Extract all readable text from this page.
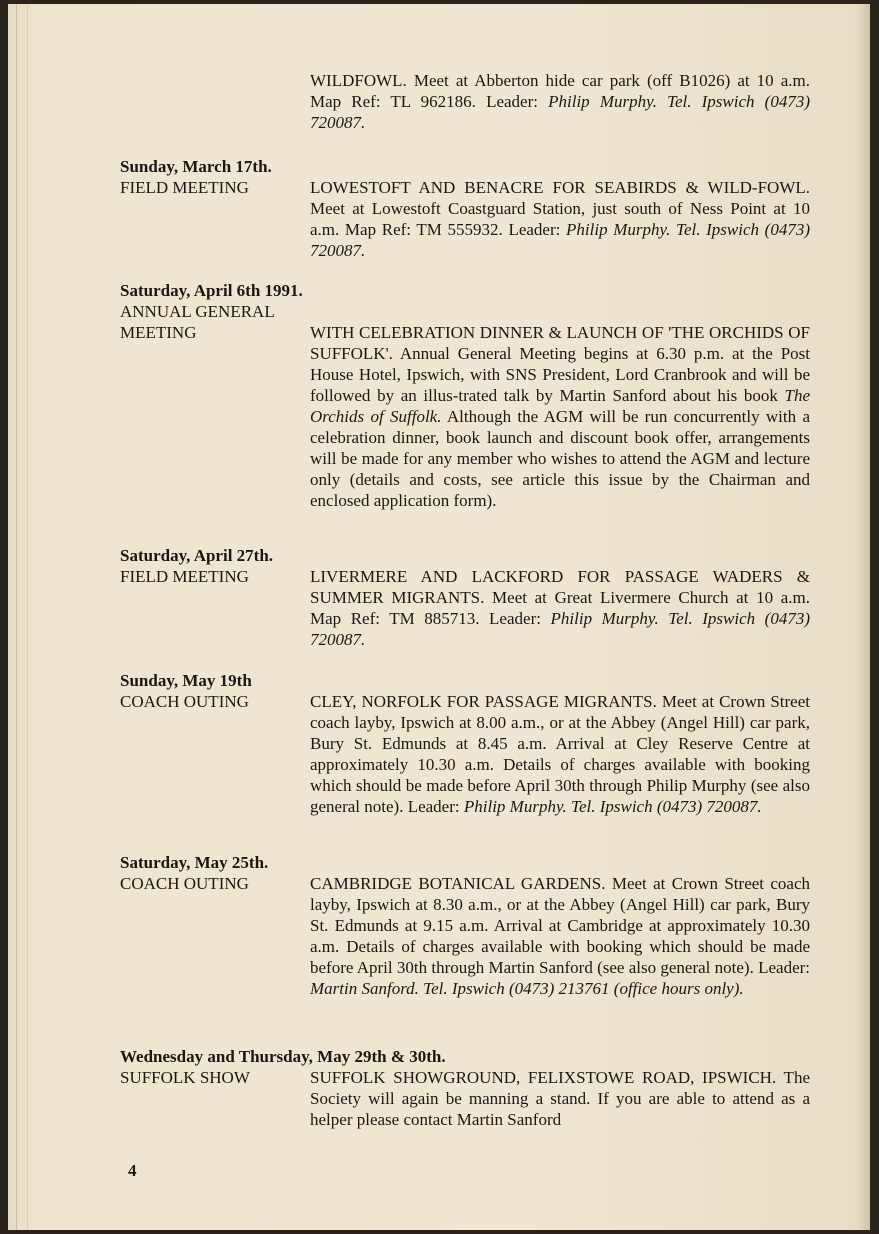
WILDFOWL. Meet at Abberton hide car park (off B1026) at 10 a.m. Map Ref: TL 962186. Leader: Philip Murphy. Tel. Ipswich (0473) 720087.
Sunday, March 17th.
FIELD MEETING	LOWESTOFT AND BENACRE FOR SEABIRDS & WILD-FOWL. Meet at Lowestoft Coastguard Station, just south of Ness Point at 10 a.m. Map Ref: TM 555932. Leader: Philip Murphy. Tel. Ipswich (0473) 720087.
Saturday, April 6th 1991.
ANNUAL GENERAL MEETING	WITH CELEBRATION DINNER & LAUNCH OF 'THE ORCHIDS OF SUFFOLK'. Annual General Meeting begins at 6.30 p.m. at the Post House Hotel, Ipswich, with SNS President, Lord Cranbrook and will be followed by an illus-trated talk by Martin Sanford about his book The Orchids of Suffolk. Although the AGM will be run concurrently with a celebration dinner, book launch and discount book offer, arrangements will be made for any member who wishes to attend the AGM and lecture only (details and costs, see article this issue by the Chairman and enclosed application form).
Saturday, April 27th.
FIELD MEETING	LIVERMERE AND LACKFORD FOR PASSAGE WADERS & SUMMER MIGRANTS. Meet at Great Livermere Church at 10 a.m. Map Ref: TM 885713. Leader: Philip Murphy. Tel. Ipswich (0473) 720087.
Sunday, May 19th
COACH OUTING	CLEY, NORFOLK FOR PASSAGE MIGRANTS. Meet at Crown Street coach layby, Ipswich at 8.00 a.m., or at the Abbey (Angel Hill) car park, Bury St. Edmunds at 8.45 a.m. Arrival at Cley Reserve Centre at approximately 10.30 a.m. Details of charges available with booking which should be made before April 30th through Philip Murphy (see also general note). Leader: Philip Murphy. Tel. Ipswich (0473) 720087.
Saturday, May 25th.
COACH OUTING	CAMBRIDGE BOTANICAL GARDENS. Meet at Crown Street coach layby, Ipswich at 8.30 a.m., or at the Abbey (Angel Hill) car park, Bury St. Edmunds at 9.15 a.m. Arrival at Cambridge at approximately 10.30 a.m. Details of charges available with booking which should be made before April 30th through Martin Sanford (see also general note). Leader: Martin Sanford. Tel. Ipswich (0473) 213761 (office hours only).
Wednesday and Thursday, May 29th & 30th.
SUFFOLK SHOW	SUFFOLK SHOWGROUND, FELIXSTOWE ROAD, IPSWICH. The Society will again be manning a stand. If you are able to attend as a helper please contact Martin Sanford
4
